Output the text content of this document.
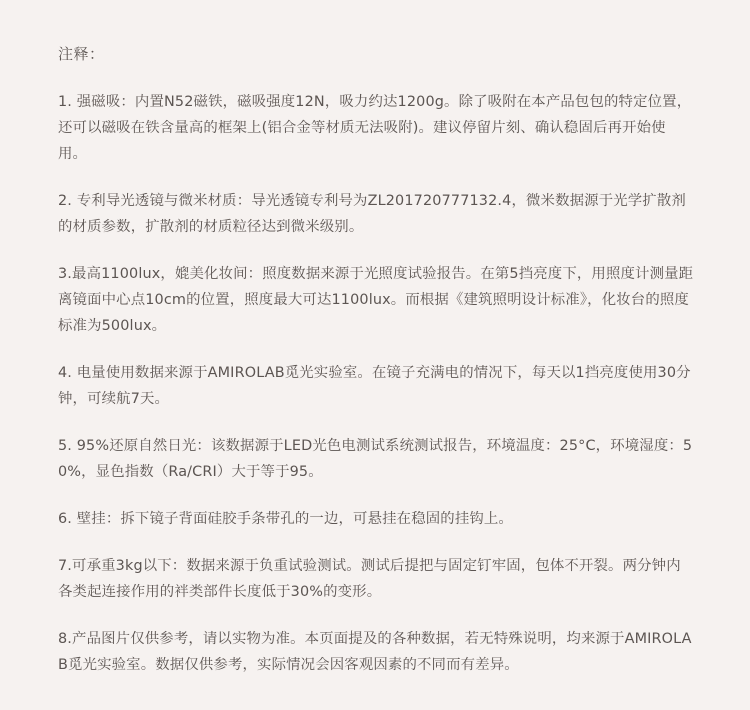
注释：
1. 强磁吸：内置N52磁铁，磁吸强度12N，吸力约达1200g。除了吸附在本产品包包的特定位置，还可以磁吸在铁含量高的框架上(铝合金等材质无法吸附)。建议停留片刻、确认稳固后再开始使用。
2. 专利导光透镜与微米材质：导光透镜专利号为ZL201720777132.4，微米数据源于光学扩散剂的材质参数，扩散剂的材质粒径达到微米级别。
3.最高1100lux，媲美化妆间：照度数据来源于光照度试验报告。在第5挡亮度下，用照度计测量距离镜面中心点10cm的位置，照度最大可达1100lux。而根据《建筑照明设计标准》，化妆台的照度标准为500lux。
4. 电量使用数据来源于AMIROLAB觅光实验室。在镜子充满电的情况下，每天以1挡亮度使用30分钟，可续航7天。
5. 95%还原自然日光：该数据源于LED光色电测试系统测试报告，环境温度：25°C，环境湿度：50%，显色指数（Ra/CRI）大于等于95。
6. 壁挂：拆下镜子背面硅胶手条带孔的一边，可悬挂在稳固的挂钩上。
7.可承重3kg以下：数据来源于负重试验测试。测试后提把与固定钉牢固，包体不开裂。两分钟内各类起连接作用的袢类部件长度低于30%的变形。
8.产品图片仅供参考，请以实物为准。本页面提及的各种数据，若无特殊说明，均来源于AMIROLAB觅光实验室。数据仅供参考，实际情况会因客观因素的不同而有差异。
